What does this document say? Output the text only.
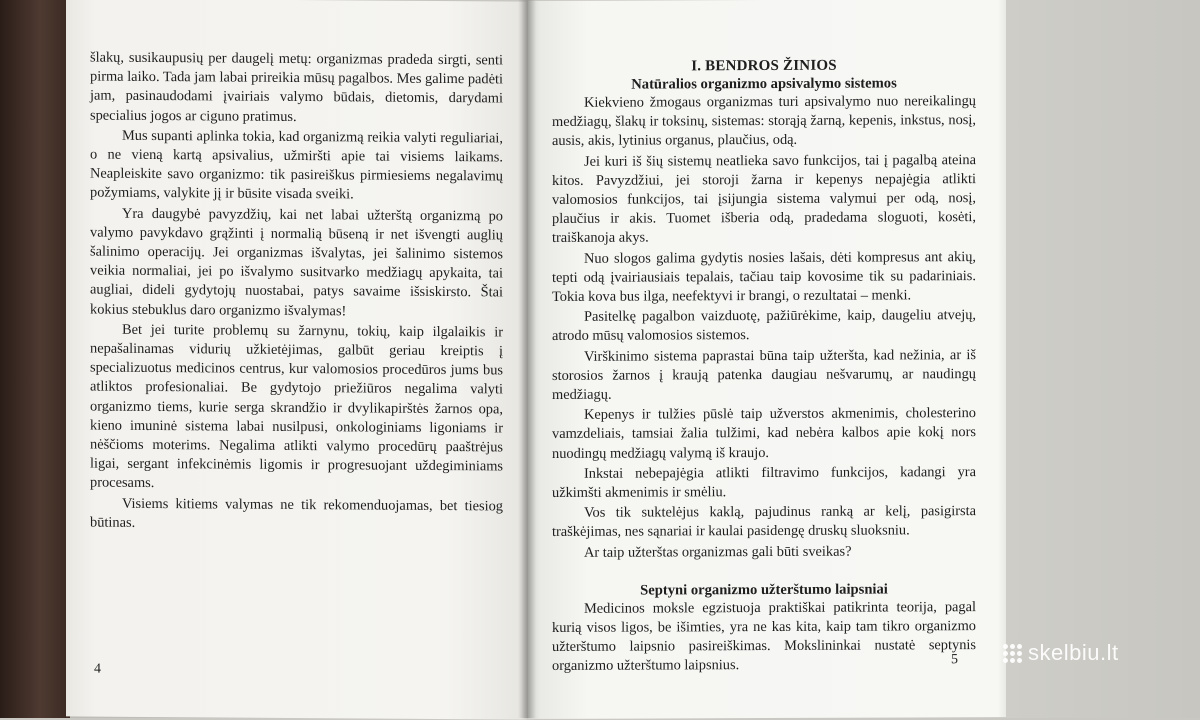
šlakų, susikaupusių per daugelį metų: organizmas pradeda sirgti, senti pirma laiko. Tada jam labai prireikia mūsų pagalbos. Mes galime padėti jam, pasinaudodami įvairiais valymo būdais, dietomis, darydami specialius jogos ar ciguno pratimus.

Mus supanti aplinka tokia, kad organizmą reikia valyti reguliariai, o ne vieną kartą apsivalius, užmiršti apie tai visiems laikams. Neapleiskite savo organizmo: tik pasireiškus pirmiesiems negalavimų požymiams, valykite jį ir būsite visada sveiki.

Yra daugybė pavyzdžių, kai net labai užterštą organizmą po valymo pavykdavo grąžinti į normalią būseną ir net išvengti auglių šalinimo operacijų. Jei organizmas išvalytas, jei šalinimo sistemos veikia normaliai, jei po išvalymo susitvarko medžiagų apykaita, tai augliai, dideli gydytojų nuostabai, patys savaime išsiskirsto. Štai kokius stebuklus daro organizmo išvalymas!

Bet jei turite problemų su žarnynu, tokių, kaip ilgalaikis ir nepašalinamas vidurių užkietėjimas, galbūt geriau kreiptis į specializuotus medicinos centrus, kur valomosios procedūros jums bus atliktos profesionaliai. Be gydytojo priežiūros negalima valyti organizmo tiems, kurie serga skrandžio ir dvylikapirštės žarnos opa, kieno imuninė sistema labai nusilpusi, onkologiniams ligoniams ir nėščioms moterims. Negalima atlikti valymo procedūrų paaštrėjus ligai, sergant infekcinėmis ligomis ir progresuojant uždegiminiams procesams.

Visiems kitiems valymas ne tik rekomenduojamas, bet tiesiog būtinas.

4
I. BENDROS ŽINIOS
Natūralios organizmo apsivalymo sistemos

Kiekvieno žmogaus organizmas turi apsivalymo nuo nereikalingų medžiagų, šlakų ir toksinų, sistemas: storąją žarną, kepenis, inkstus, nosį, ausis, akis, lytinius organus, plaučius, odą.

Jei kuri iš šių sistemų neatlieka savo funkcijos, tai į pagalbą ateina kitos. Pavyzdžiui, jei storoji žarna ir kepenys nepajėgia atlikti valomosios funkcijos, tai įsijungia sistema valymui per odą, nosį, plaučius ir akis. Tuomet išberia odą, pradedama sloguoti, kosėti, traiškanoja akys.

Nuo slogos galima gydytis nosies lašais, dėti kompresus ant akių, tepti odą įvairiausiais tepalais, tačiau taip kovosime tik su padariniais. Tokia kova bus ilga, neefektyvi ir brangi, o rezultatai – menki.

Pasitelkę pagalbon vaizduotę, pažiūrėkime, kaip, daugeliu atvejų, atrodo mūsų valomosios sistemos.

Virškinimo sistema paprastai būna taip užteršta, kad nežinia, ar iš storosios žarnos į kraują patenka daugiau nešvarumų, ar naudingų medžiagų.

Kepenys ir tulžies pūslė taip užverstos akmenimis, cholesterino vamzdeliais, tamsiai žalia tulžimi, kad nebėra kalbos apie kokį nors nuodingų medžiagų valymą iš kraujo.

Inkstai nebepajėgia atlikti filtravimo funkcijos, kadangi yra užkimšti akmenimis ir smėliu.

Vos tik suktelėjus kaklą, pajudinus ranką ar kelį, pasigirsta traškėjimas, nes sąnariai ir kaulai pasidengę druskų sluoksniu.

Ar taip užterštas organizmas gali būti sveikas?

Septyni organizmo užterštumo laipsniai

Medicinos moksle egzistuoja praktiškai patikrinta teorija, pagal kurią visos ligos, be išimties, yra ne kas kita, kaip tam tikro organizmo užterštumo laipsnio pasireiškimas. Mokslininkai nustatė septynis organizmo užterštumo laipsnius.	5	skelbiu.lt
